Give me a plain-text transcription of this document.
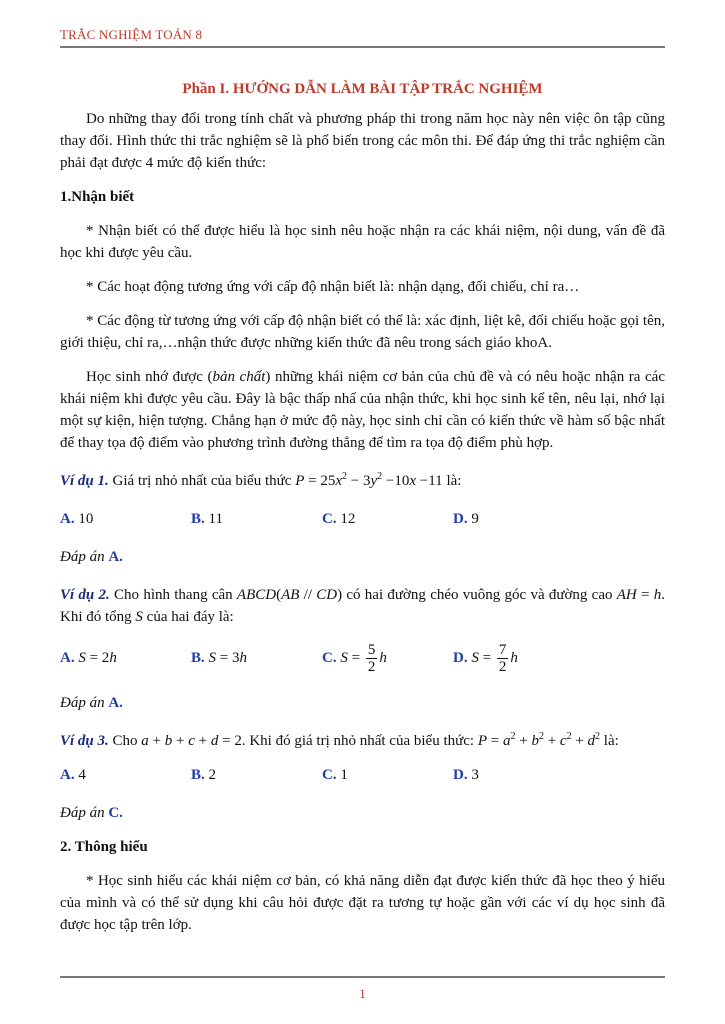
TRẮC NGHIỆM TOÁN 8
Phần I. HƯỚNG DẪN LÀM BÀI TẬP TRẮC NGHIỆM

Do những thay đổi trong tính chất và phương pháp thi trong năm học này nên việc ôn tập cũng thay đổi. Hình thức thi trắc nghiệm sẽ là phổ biến trong các môn thi. Để đáp ứng thi trắc nghiệm cần phải đạt được 4 mức độ kiến thức:

1.Nhận biết

* Nhận biết có thể được hiểu là học sinh nêu hoặc nhận ra các khái niệm, nội dung, vấn đề đã học khi được yêu cầu.

* Các hoạt động tương ứng với cấp độ nhận biết là: nhận dạng, đối chiếu, chỉ ra…

* Các động từ tương ứng với cấp độ nhận biết có thể là: xác định, liệt kê, đối chiếu hoặc gọi tên, giới thiệu, chỉ ra,…nhận thức được những kiến thức đã nêu trong sách giáo khoA.

Học sinh nhớ được (bản chất) những khái niệm cơ bản của chủ đề và có nêu hoặc nhận ra các khái niệm khi được yêu cầu. Đây là bậc thấp nhấ của nhận thức, khi học sinh kể tên, nêu lại, nhớ lại một sự kiện, hiện tượng. Chẳng hạn ở mức độ này, học sinh chỉ cần có kiến thức về hàm số bậc nhất để thay tọa độ điểm vào phương trình đường thẳng để tìm ra tọa độ điểm phù hợp.

Ví dụ 1. Giá trị nhỏ nhất của biểu thức $P = 25x^2 - 3y^2 -10x -11$ là:

A. 10	B. 11	C. 12	D. 9

Đáp án A.

Ví dụ 2. Cho hình thang cân ABCD(AB // CD) có hai đường chéo vuông góc và đường cao AH = h. Khi đó tổng S của hai đáy là:

A. S = 2h	B. S = 3h	C. $S = \frac{5}{2}$ h	D. $S = \frac{7}{2}$ h

Đáp án A.

Ví dụ 3. Cho a + b + c + d = 2. Khi đó giá trị nhỏ nhất của biểu thức: $P = a^2 + b^2 + c^2 + d^2$ là:

A. 4	B. 2	C. 1	D. 3

Đáp án C.

2. Thông hiểu

* Học sinh hiểu các khái niệm cơ bản, có khả năng diễn đạt được kiến thức đã học theo ý hiểu của mình và có thể sử dụng khi câu hỏi được đặt ra tương tự hoặc gần với các ví dụ học sinh đã được học tập trên lớp.

1
